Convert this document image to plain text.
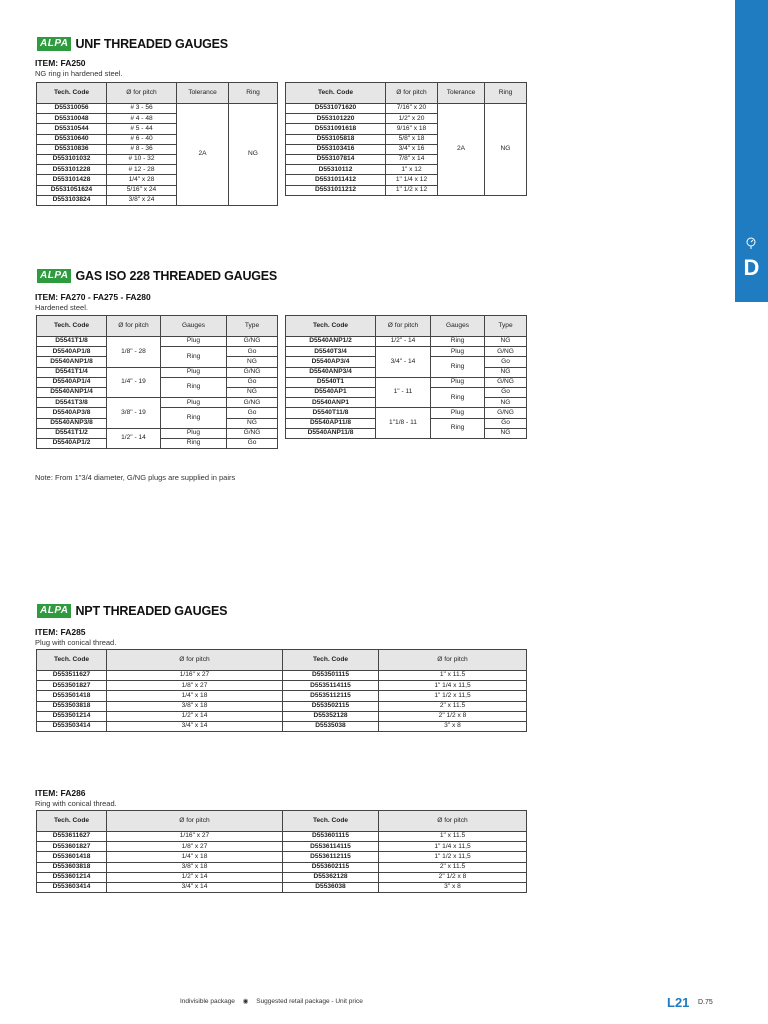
D
ALPA UNF THREADED GAUGES
ITEM: FA250
NG ring in hardened steel.
Tech. Code	Ø for pitch	Tolerance	Ring
D55310056	# 3 - 56	2A	NG
D55310048	# 4 - 48		
D55310544	# 5 - 44		
D55310640	# 6 - 40		
D55310836	# 8 - 36		
D553101032	# 10 - 32		
D553101228	# 12 - 28		
D553101428	1/4" x 28		
D5531051624	5/16" x 24		
D553103824	3/8" x 24		
Tech. Code	Ø for pitch	Tolerance	Ring
D5531071620	7/16" x 20	2A	NG
D553101220	1/2" x 20		
D5531091618	9/16" x 18		
D553105818	5/8" x 18		
D553103416	3/4" x 16		
D553107814	7/8" x 14		
D55310112	1" x 12		
D5531011412	1" 1/4 x 12		
D5531011212	1" 1/2 x 12		
ALPA GAS ISO 228 THREADED GAUGES
ITEM: FA270 - FA275 - FA280
Hardened steel.
Tech. Code	Ø for pitch	Gauges	Type
D5541T1/8	1/8" - 28	Plug	G/NG
D5540AP1/8		Ring	Go
D5540ANP1/8			NG
D5541T1/4	1/4" - 19	Plug	G/NG
D5540AP1/4		Ring	Go
D5540ANP1/4			NG
D5541T3/8	3/8" - 19	Plug	G/NG
D5540AP3/8		Ring	Go
D5540ANP3/8			NG
D5541T1/2	1/2" - 14	Plug	G/NG
D5540AP1/2		Ring	Go
Tech. Code	Ø for pitch	Gauges	Type
D5540ANP1/2	1/2" - 14	Ring	NG
D5540T3/4	3/4" - 14	Plug	G/NG
D5540AP3/4		Ring	Go
D5540ANP3/4			NG
D5540T1	1" - 11	Plug	G/NG
D5540AP1		Ring	Go
D5540ANP1			NG
D5540T11/8	1"1/8 - 11	Plug	G/NG
D5540AP11/8		Ring	Go
D5540ANP11/8			NG
Note: From 1"3/4 diameter, G/NG plugs are supplied in pairs
ALPA NPT THREADED GAUGES
ITEM: FA285
Plug with conical thread.
Tech. Code	Ø for pitch	Tech. Code	Ø for pitch
D553511627	1/16" x 27	D553501115	1" x 11.5
D553501827	1/8" x 27	D5535114115	1" 1/4 x 11,5
D553501418	1/4" x 18	D5535112115	1" 1/2 x 11,5
D553503818	3/8" x 18	D553502115	2" x 11.5
D553501214	1/2" x 14	D55352128	2" 1/2 x 8
D553503414	3/4" x 14	D5535038	3" x 8
ITEM: FA286
Ring with conical thread.
Tech. Code	Ø for pitch	Tech. Code	Ø for pitch
D553611627	1/16" x 27	D553601115	1" x 11.5
D553601827	1/8" x 27	D5536114115	1" 1/4 x 11,5
D553601418	1/4" x 18	D5536112115	1" 1/2 x 11,5
D553603818	3/8" x 18	D553602115	2" x 11.5
D553601214	1/2" x 14	D55362128	2" 1/2 x 8
D553603414	3/4" x 14	D5536038	3" x 8
Indivisible package ◉ Suggested retail package - Unit price	L21 D.75
